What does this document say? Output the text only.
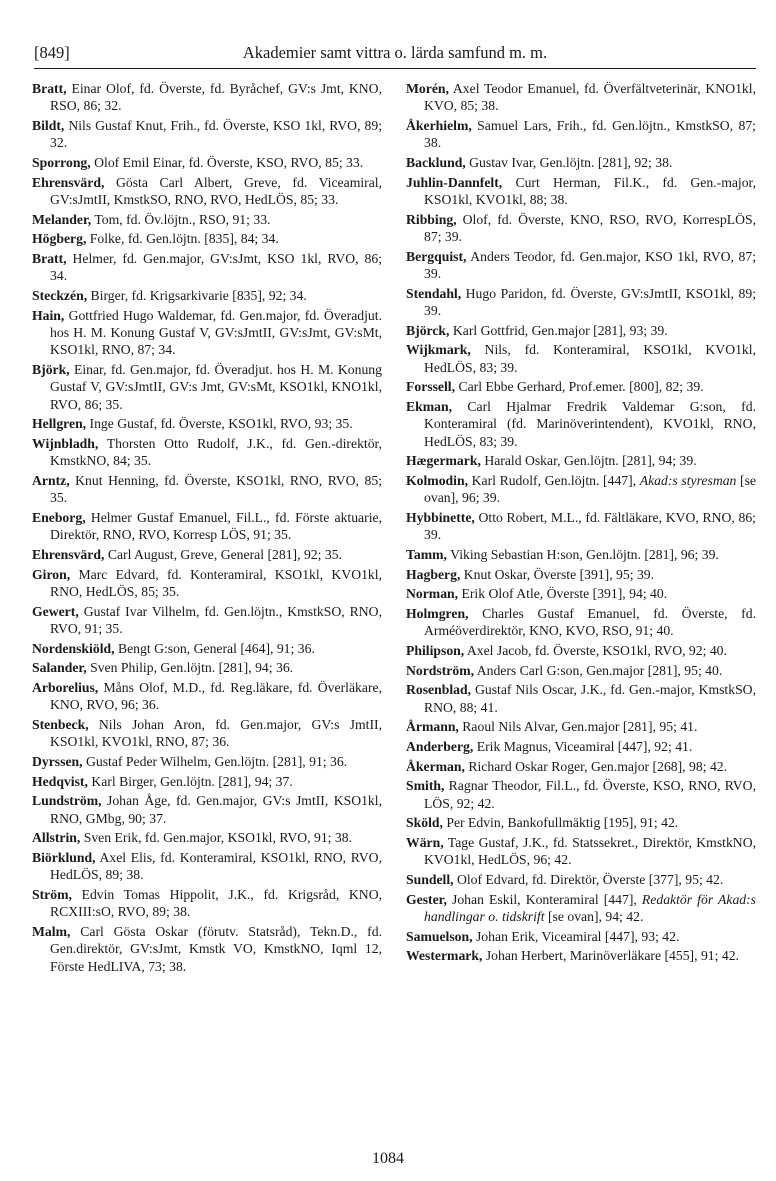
[849]	Akademier samt vittra o. lärda samfund m. m.

Bratt, Einar Olof, fd. Överste, fd. Byråchef, GV:s Jmt, KNO, RSO, 86; 32.

Bildt, Nils Gustaf Knut, Frih., fd. Överste, KSO 1kl, RVO, 89; 32.

Sporrong, Olof Emil Einar, fd. Överste, KSO, RVO, 85; 33.

Ehrensvärd, Gösta Carl Albert, Greve, fd. Viceamiral, GV:sJmtII, KmstkSO, RNO, RVO, HedLÖS, 85; 33.

Melander, Tom, fd. Öv.löjtn., RSO, 91; 33.

Högberg, Folke, fd. Gen.löjtn. [835], 84; 34.

Bratt, Helmer, fd. Gen.major, GV:sJmt, KSO 1kl, RVO, 86; 34.

Steckzén, Birger, fd. Krigsarkivarie [835], 92; 34.

Hain, Gottfried Hugo Waldemar, fd. Gen.major, fd. Överadjut. hos H. M. Konung Gustaf V, GV:sJmtII, GV:sJmt, GV:sMt, KSO1kl, RNO, 87; 34.

Björk, Einar, fd. Gen.major, fd. Överadjut. hos H. M. Konung Gustaf V, GV:sJmtII, GV:s Jmt, GV:sMt, KSO1kl, KNO1kl, RVO, 86; 35.

Hellgren, Inge Gustaf, fd. Överste, KSO1kl, RVO, 93; 35.

Wijnbladh, Thorsten Otto Rudolf, J.K., fd. Gen.-direktör, KmstkNO, 84; 35.

Arntz, Knut Henning, fd. Överste, KSO1kl, RNO, RVO, 85; 35.

Eneborg, Helmer Gustaf Emanuel, Fil.L., fd. Förste aktuarie, Direktör, RNO, RVO, Korresp LÖS, 91; 35.

Ehrensvärd, Carl August, Greve, General [281], 92; 35.

Giron, Marc Edvard, fd. Konteramiral, KSO1kl, KVO1kl, RNO, HedLÖS, 85; 35.

Gewert, Gustaf Ivar Vilhelm, fd. Gen.löjtn., KmstkSO, RNO, RVO, 91; 35.

Nordenskiöld, Bengt G:son, General [464], 91; 36.

Salander, Sven Philip, Gen.löjtn. [281], 94; 36.

Arborelius, Måns Olof, M.D., fd. Reg.läkare, fd. Överläkare, KNO, RVO, 96; 36.

Stenbeck, Nils Johan Aron, fd. Gen.major, GV:s JmtII, KSO1kl, KVO1kl, RNO, 87; 36.

Dyrssen, Gustaf Peder Wilhelm, Gen.löjtn. [281], 91; 36.

Hedqvist, Karl Birger, Gen.löjtn. [281], 94; 37.

Lundström, Johan Åge, fd. Gen.major, GV:s JmtII, KSO1kl, RNO, GMbg, 90; 37.

Allstrin, Sven Erik, fd. Gen.major, KSO1kl, RVO, 91; 38.

Biörklund, Axel Elis, fd. Konteramiral, KSO1kl, RNO, RVO, HedLÖS, 89; 38.

Ström, Edvin Tomas Hippolit, J.K., fd. Krigsråd, KNO, RCXIII:sO, RVO, 89; 38.

Malm, Carl Gösta Oskar (förutv. Statsråd), Tekn.D., fd. Gen.direktör, GV:sJmt, Kmstk VO, KmstkNO, Iqml 12, Förste HedLIVA, 73; 38.

Morén, Axel Teodor Emanuel, fd. Överfältveterinär, KNO1kl, KVO, 85; 38.

Åkerhielm, Samuel Lars, Frih., fd. Gen.löjtn., KmstkSO, 87; 38.

Backlund, Gustav Ivar, Gen.löjtn. [281], 92; 38.

Juhlin-Dannfelt, Curt Herman, Fil.K., fd. Gen.-major, KSO1kl, KVO1kl, 88; 38.

Ribbing, Olof, fd. Överste, KNO, RSO, RVO, KorrespLÖS, 87; 39.

Bergquist, Anders Teodor, fd. Gen.major, KSO 1kl, RVO, 87; 39.

Stendahl, Hugo Paridon, fd. Överste, GV:sJmtII, KSO1kl, 89; 39.

Björck, Karl Gottfrid, Gen.major [281], 93; 39.

Wijkmark, Nils, fd. Konteramiral, KSO1kl, KVO1kl, HedLÖS, 83; 39.

Forssell, Carl Ebbe Gerhard, Prof.emer. [800], 82; 39.

Ekman, Carl Hjalmar Fredrik Valdemar G:son, fd. Konteramiral (fd. Marinöverintendent), KVO1kl, RNO, HedLÖS, 83; 39.

Hægermark, Harald Oskar, Gen.löjtn. [281], 94; 39.

Kolmodin, Karl Rudolf, Gen.löjtn. [447], Akad:s styresman [se ovan], 96; 39.

Hybbinette, Otto Robert, M.L., fd. Fältläkare, KVO, RNO, 86; 39.

Tamm, Viking Sebastian H:son, Gen.löjtn. [281], 96; 39.

Hagberg, Knut Oskar, Överste [391], 95; 39.

Norman, Erik Olof Atle, Överste [391], 94; 40.

Holmgren, Charles Gustaf Emanuel, fd. Överste, fd. Arméöverdirektör, KNO, KVO, RSO, 91; 40.

Philipson, Axel Jacob, fd. Överste, KSO1kl, RVO, 92; 40.

Nordström, Anders Carl G:son, Gen.major [281], 95; 40.

Rosenblad, Gustaf Nils Oscar, J.K., fd. Gen.-major, KmstkSO, RNO, 88; 41.

Årmann, Raoul Nils Alvar, Gen.major [281], 95; 41.

Anderberg, Erik Magnus, Viceamiral [447], 92; 41.

Åkerman, Richard Oskar Roger, Gen.major [268], 98; 42.

Smith, Ragnar Theodor, Fil.L., fd. Överste, KSO, RNO, RVO, LÖS, 92; 42.

Sköld, Per Edvin, Bankofullmäktig [195], 91; 42.

Wärn, Tage Gustaf, J.K., fd. Statssekret., Direktör, KmstkNO, KVO1kl, HedLÖS, 96; 42.

Sundell, Olof Edvard, fd. Direktör, Överste [377], 95; 42.

Gester, Johan Eskil, Konteramiral [447], Redaktör för Akad:s handlingar o. tidskrift [se ovan], 94; 42.

Samuelson, Johan Erik, Viceamiral [447], 93; 42.

Westermark, Johan Herbert, Marinöverläkare [455], 91; 42.

1084
